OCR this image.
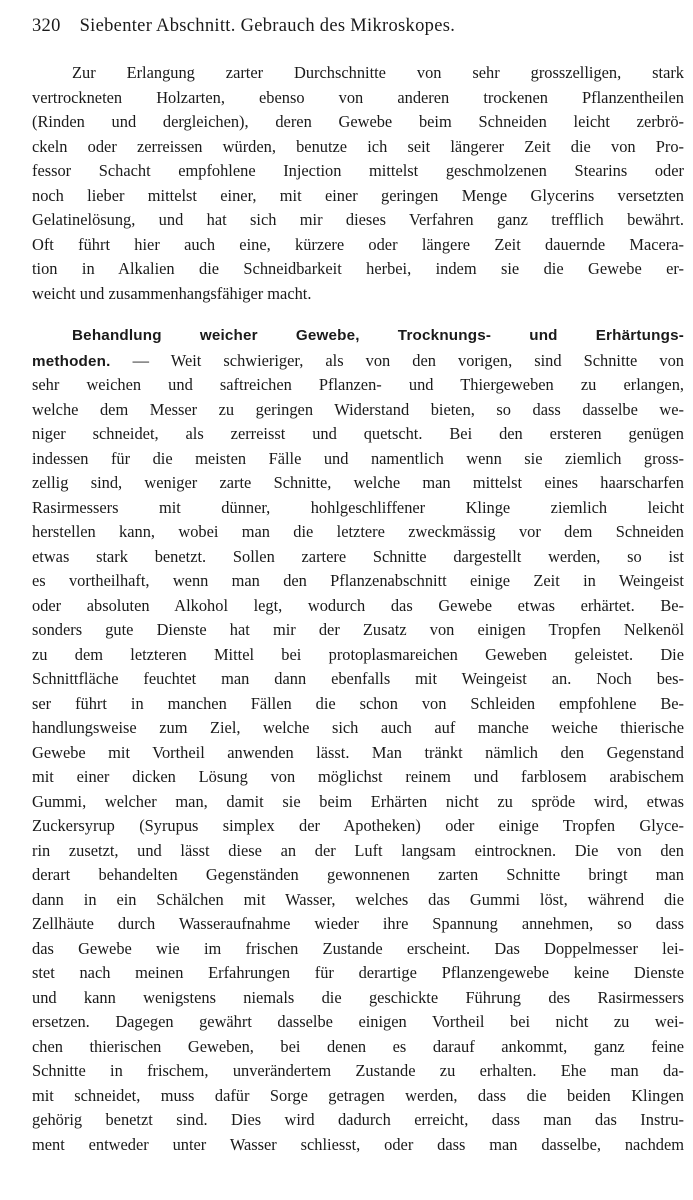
320 Siebenter Abschnitt. Gebrauch des Mikroskopes.
Zur Erlangung zarter Durchschnitte von sehr grosszelligen, stark
vertrockneten Holzarten, ebenso von anderen trockenen Pflanzentheilen
(Rinden und dergleichen), deren Gewebe beim Schneiden leicht zerbrö-
ckeln oder zerreissen würden, benutze ich seit längerer Zeit die von Pro-
fessor Schacht empfohlene Injection mittelst geschmolzenen Stearins oder
noch lieber mittelst einer, mit einer geringen Menge Glycerins versetzten
Gelatinelösung, und hat sich mir dieses Verfahren ganz trefflich bewährt.
Oft führt hier auch eine, kürzere oder längere Zeit dauernde Macera-
tion in Alkalien die Schneidbarkeit herbei, indem sie die Gewebe er-
weicht und zusammenhangsfähiger macht.
Behandlung weicher Gewebe, Trocknungs- und Erhärtungs-
methoden. — Weit schwieriger, als von den vorigen, sind Schnitte von
sehr weichen und saftreichen Pflanzen- und Thiergeweben zu erlangen,
welche dem Messer zu geringen Widerstand bieten, so dass dasselbe we-
niger schneidet, als zerreisst und quetscht. Bei den ersteren genügen
indessen für die meisten Fälle und namentlich wenn sie ziemlich gross-
zellig sind, weniger zarte Schnitte, welche man mittelst eines haarscharfen
Rasirmessers mit dünner, hohlgeschliffener Klinge ziemlich leicht
herstellen kann, wobei man die letztere zweckmässig vor dem Schneiden
etwas stark benetzt. Sollen zartere Schnitte dargestellt werden, so ist
es vortheilhaft, wenn man den Pflanzenabschnitt einige Zeit in Weingeist
oder absoluten Alkohol legt, wodurch das Gewebe etwas erhärtet. Be-
sonders gute Dienste hat mir der Zusatz von einigen Tropfen Nelkenöl
zu dem letzteren Mittel bei protoplasmareichen Geweben geleistet. Die
Schnittfläche feuchtet man dann ebenfalls mit Weingeist an. Noch bes-
ser führt in manchen Fällen die schon von Schleiden empfohlene Be-
handlungsweise zum Ziel, welche sich auch auf manche weiche thierische
Gewebe mit Vortheil anwenden lässt. Man tränkt nämlich den Gegenstand
mit einer dicken Lösung von möglichst reinem und farblosem arabischem
Gummi, welcher man, damit sie beim Erhärten nicht zu spröde wird, etwas
Zuckersyrup (Syrupus simplex der Apotheken) oder einige Tropfen Glyce-
rin zusetzt, und lässt diese an der Luft langsam eintrocknen. Die von den
derart behandelten Gegenständen gewonnenen zarten Schnitte bringt man
dann in ein Schälchen mit Wasser, welches das Gummi löst, während die
Zellhäute durch Wasseraufnahme wieder ihre Spannung annehmen, so dass
das Gewebe wie im frischen Zustande erscheint. Das Doppelmesser lei-
stet nach meinen Erfahrungen für derartige Pflanzengewebe keine Dienste
und kann wenigstens niemals die geschickte Führung des Rasirmessers
ersetzen. Dagegen gewährt dasselbe einigen Vortheil bei nicht zu wei-
chen thierischen Geweben, bei denen es darauf ankommt, ganz feine
Schnitte in frischem, unverändertem Zustande zu erhalten. Ehe man da-
mit schneidet, muss dafür Sorge getragen werden, dass die beiden Klingen
gehörig benetzt sind. Dies wird dadurch erreicht, dass man das Instru-
ment entweder unter Wasser schliesst, oder dass man dasselbe, nachdem
